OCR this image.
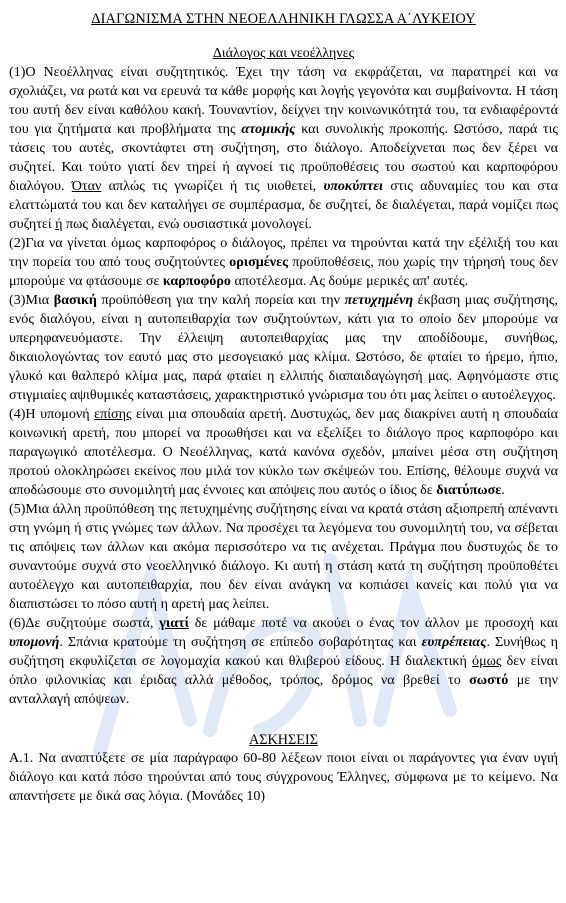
ΔΙΑΓΩΝΙΣΜΑ ΣΤΗΝ ΝΕΟΕΛΛΗΝΙΚΗ ΓΛΩΣΣΑ Α΄ΛΥΚΕΙΟΥ
Διάλογος και νεοέλληνες

(1)Ο Νεοέλληνας είναι συζητητικός. Έχει την τάση να εκφράζεται, να παρατηρεί και να σχολιάζει, να ρωτά και να ερευνά τα κάθε μορφής και λογής γεγονότα και συμβαίνοντα. Η τάση του αυτή δεν είναι καθόλου κακή. Τουναντίον, δείχνει την κοινωνικότητά του, τα ενδιαφέροντά του για ζητήματα και προβλήματα της ατομικής και συνολικής προκοπής. Ωστόσο, παρά τις τάσεις του αυτές, σκοντάφτει στη συζήτηση, στο διάλογο. Αποδείχνεται πως δεν ξέρει να συζητεί. Και τούτο γιατί δεν τηρεί ή αγνοεί τις προϋποθέσεις του σωστού και καρποφόρου διαλόγου. Όταν απλώς τις γνωρίζει ή τις υιοθετεί, υποκύπτει στις αδυναμίες του και στα ελαττώματά του και δεν καταλήγει σε συμπέρασμα, δε συζητεί, δε διαλέγεται, παρά νομίζει πως συζητεί ή πως διαλέγεται, ενώ ουσιαστικά μονολογεί.

(2)Για να γίνεται όμως καρποφόρος ο διάλογος, πρέπει να τηρούνται κατά την εξέλιξή του και την πορεία του από τους συζητούντες ορισμένες προϋποθέσεις, που χωρίς την τήρησή τους δεν μπορούμε να φτάσουμε σε καρποφόρο αποτέλεσμα. Ας δούμε μερικές απ' αυτές.

(3)Μια βασική προϋπόθεση για την καλή πορεία και την πετυχημένη έκβαση μιας συζήτησης, ενός διαλόγου, είναι η αυτοπειθαρχία των συζητούντων, κάτι για το οποίο δεν μπορούμε να υπερηφανευόμαστε. Την έλλειψη αυτοπειθαρχίας μας την αποδίδουμε, συνήθως, δικαιολογώντας τον εαυτό μας στο μεσογειακό μας κλίμα. Ωστόσο, δε φταίει το ήρεμο, ήπιο, γλυκό και θαλπερό κλίμα μας, παρά φταίει η ελλιπής διαπαιδαγώγησή μας. Αφηνόμαστε στις στιγμιαίες αψιθυμικές καταστάσεις, χαρακτηριστικό γνώρισμα του ότι μας λείπει ο αυτοέλεγχος.

(4)Η υπομονή επίσης είναι μια σπουδαία αρετή. Δυστυχώς, δεν μας διακρίνει αυτή η σπουδαία κοινωνική αρετή, που μπορεί να προωθήσει και να εξελίξει το διάλογο προς καρποφόρο και παραγωγικό αποτέλεσμα. Ο Νεοέλληνας, κατά κανόνα σχεδόν, μπαίνει μέσα στη συζήτηση προτού ολοκληρώσει εκείνος που μιλά τον κύκλο των σκέψεών του. Επίσης, θέλουμε συχνά να αποδώσουμε στο συνομιλητή μας έννοιες και απόψεις που αυτός ο ίδιος δε διατύπωσε.

(5)Μια άλλη προϋπόθεση της πετυχημένης συζήτησης είναι να κρατά στάση αξιοπρεπή απέναντι στη γνώμη ή στις γνώμες των άλλων. Να προσέχει τα λεγόμενα του συνομιλητή του, να σέβεται τις απόψεις των άλλων και ακόμα περισσότερο να τις ανέχεται. Πράγμα που δυστυχώς δε το συναντούμε συχνά στο νεοελληνικό διάλογο. Κι αυτή η στάση κατά τη συζήτηση προϋποθέτει αυτοέλεγχο και αυτοπειθαρχία, που δεν είναι ανάγκη να κοπιάσει κανείς και πολύ για να διαπιστώσει το πόσο αυτή η αρετή μας λείπει.

(6)Δε συζητούμε σωστά, γιατί δε μάθαμε ποτέ να ακούει ο ένας τον άλλον με προσοχή και υπομονή. Σπάνια κρατούμε τη συζήτηση σε επίπεδο σοβαρότητας και ευπρέπειας. Συνήθως η συζήτηση εκφυλίζεται σε λογομαχία κακού και θλιβερού είδους. Η διαλεκτική όμως δεν είναι όπλο φιλονικίας και έριδας αλλά μέθοδος, τρόπος, δρόμος να βρεθεί το σωστό με την ανταλλαγή απόψεων.

ΑΣΚΗΣΕΙΣ

Α.1. Να αναπτύξετε σε μία παράγραφο 60-80 λέξεων ποιοι είναι οι παράγοντες για έναν υγιή διάλογο και κατά πόσο τηρούνται από τους σύγχρονους Έλληνες, σύμφωνα με το κείμενο. Να απαντήσετε με δικά σας λόγια. (Μονάδες 10)
